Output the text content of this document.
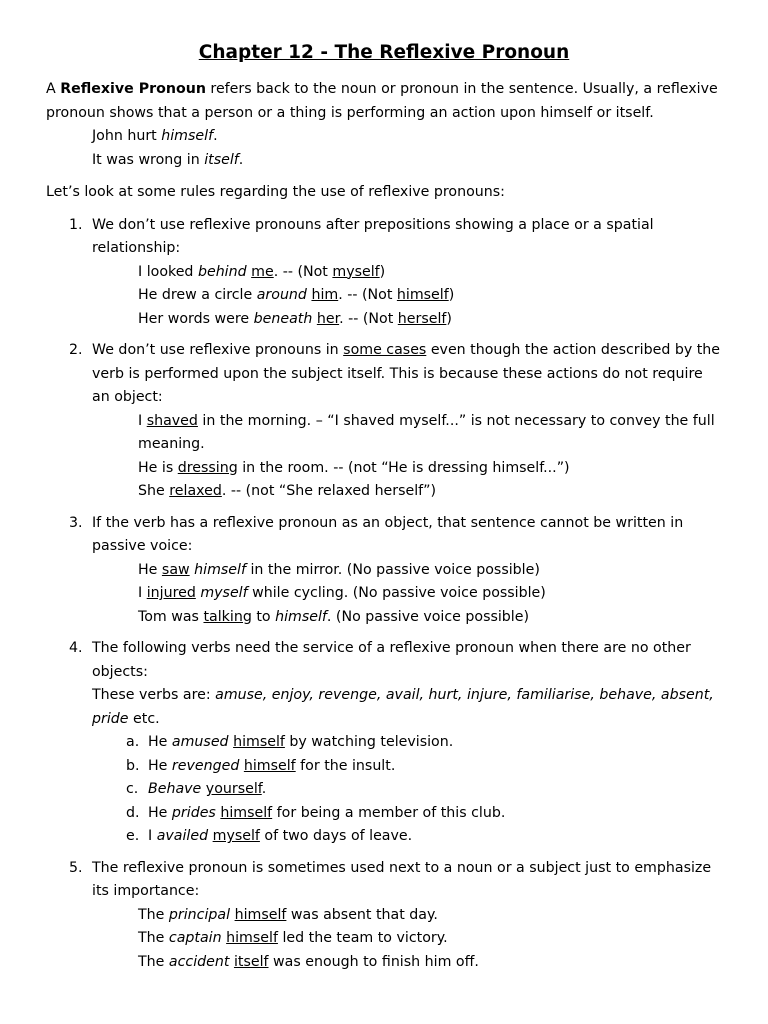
Chapter 12 - The Reflexive Pronoun

A Reflexive Pronoun refers back to the noun or pronoun in the sentence. Usually, a reflexive pronoun shows that a person or a thing is performing an action upon himself or itself.

John hurt himself.

It was wrong in itself.

Let’s look at some rules regarding the use of reflexive pronouns:

1. We don’t use reflexive pronouns after prepositions showing a place or a spatial relationship:
I looked behind me. -- (Not myself)
He drew a circle around him. -- (Not himself)
Her words were beneath her. -- (Not herself)
2. We don’t use reflexive pronouns in some cases even though the action described by the verb is performed upon the subject itself. This is because these actions do not require an object:
I shaved in the morning. – “I shaved myself...” is not necessary to convey the full meaning.
He is dressing in the room. -- (not “He is dressing himself...”)
She relaxed. -- (not “She relaxed herself”)
3. If the verb has a reflexive pronoun as an object, that sentence cannot be written in passive voice:
He saw himself in the mirror. (No passive voice possible)
I injured myself while cycling. (No passive voice possible)
Tom was talking to himself. (No passive voice possible)
4. The following verbs need the service of a reflexive pronoun when there are no other objects:
These verbs are: amuse, enjoy, revenge, avail, hurt, injure, familiarise, behave, absent, pride etc.
a. He amused himself by watching television.
b. He revenged himself for the insult.
c. Behave yourself.
d. He prides himself for being a member of this club.
e. I availed myself of two days of leave.
5. The reflexive pronoun is sometimes used next to a noun or a subject just to emphasize its importance:
The principal himself was absent that day.
The captain himself led the team to victory.
The accident itself was enough to finish him off.
